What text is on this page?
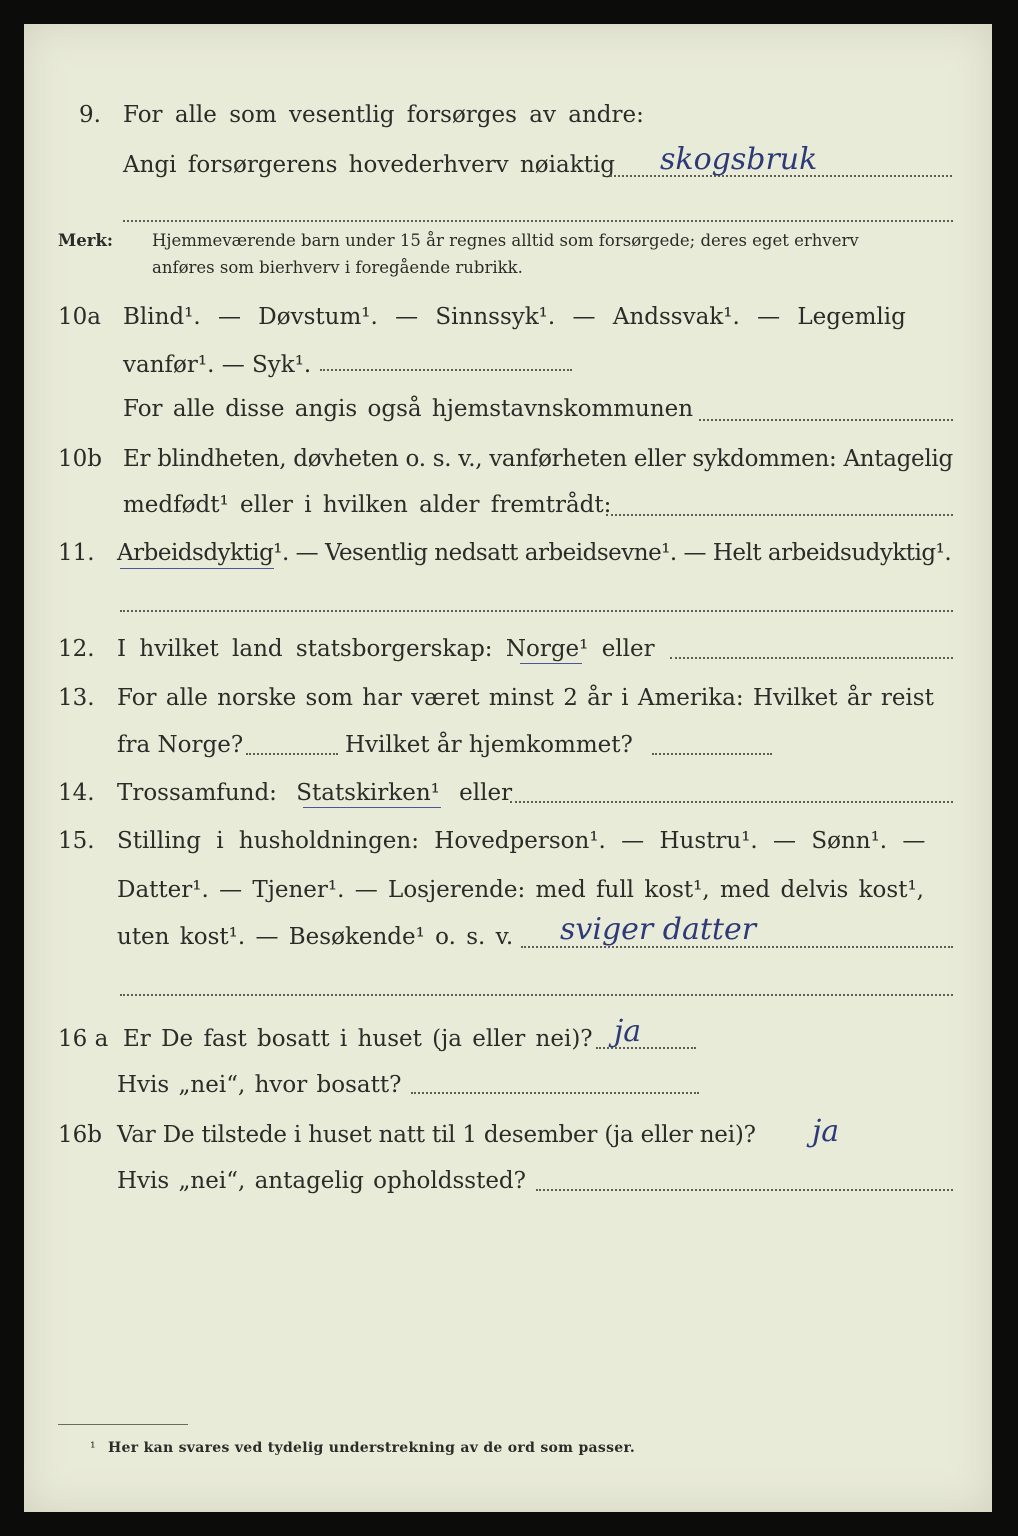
9. For alle som vesentlig forsørges av andre:
Angi forsørgerens hovederhverv nøiaktig skogsbruk
Merk: Hjemmeværende barn under 15 år regnes alltid som forsørgede; deres eget erhverv
anføres som bierhverv i foregående rubrikk.
10a Blind¹. — Døvstum¹. — Sinnssyk¹. — Andssvak¹. — Legemlig
vanfør¹. — Syk¹.
For alle disse angis også hjemstavnskommunen
10b Er blindheten, døvheten o. s. v., vanførheten eller sykdommen: Antagelig
medfødt¹ eller i hvilken alder fremtrådt:
11. Arbeidsdyktig¹. — Vesentlig nedsatt arbeidsevne¹. — Helt arbeidsudyktig¹.
12. I hvilket land statsborgerskap: Norge¹ eller
13. For alle norske som har været minst 2 år i Amerika: Hvilket år reist
fra Norge?	Hvilket år hjemkommet?
14. Trossamfund: Statskirken¹ eller
15. Stilling i husholdningen: Hovedperson¹. — Hustru¹. — Sønn¹. —
Datter¹. — Tjener¹. — Losjerende: med full kost¹, med delvis kost¹,
uten kost¹. — Besøkende¹ o. s. v. sviger datter
16 a Er De fast bosatt i huset (ja eller nei)? ja
Hvis „nei“, hvor bosatt?
16b Var De tilstede i huset natt til 1 desember (ja eller nei)? ja
Hvis „nei“, antagelig opholdssted?
¹ Her kan svares ved tydelig understrekning av de ord som passer.
